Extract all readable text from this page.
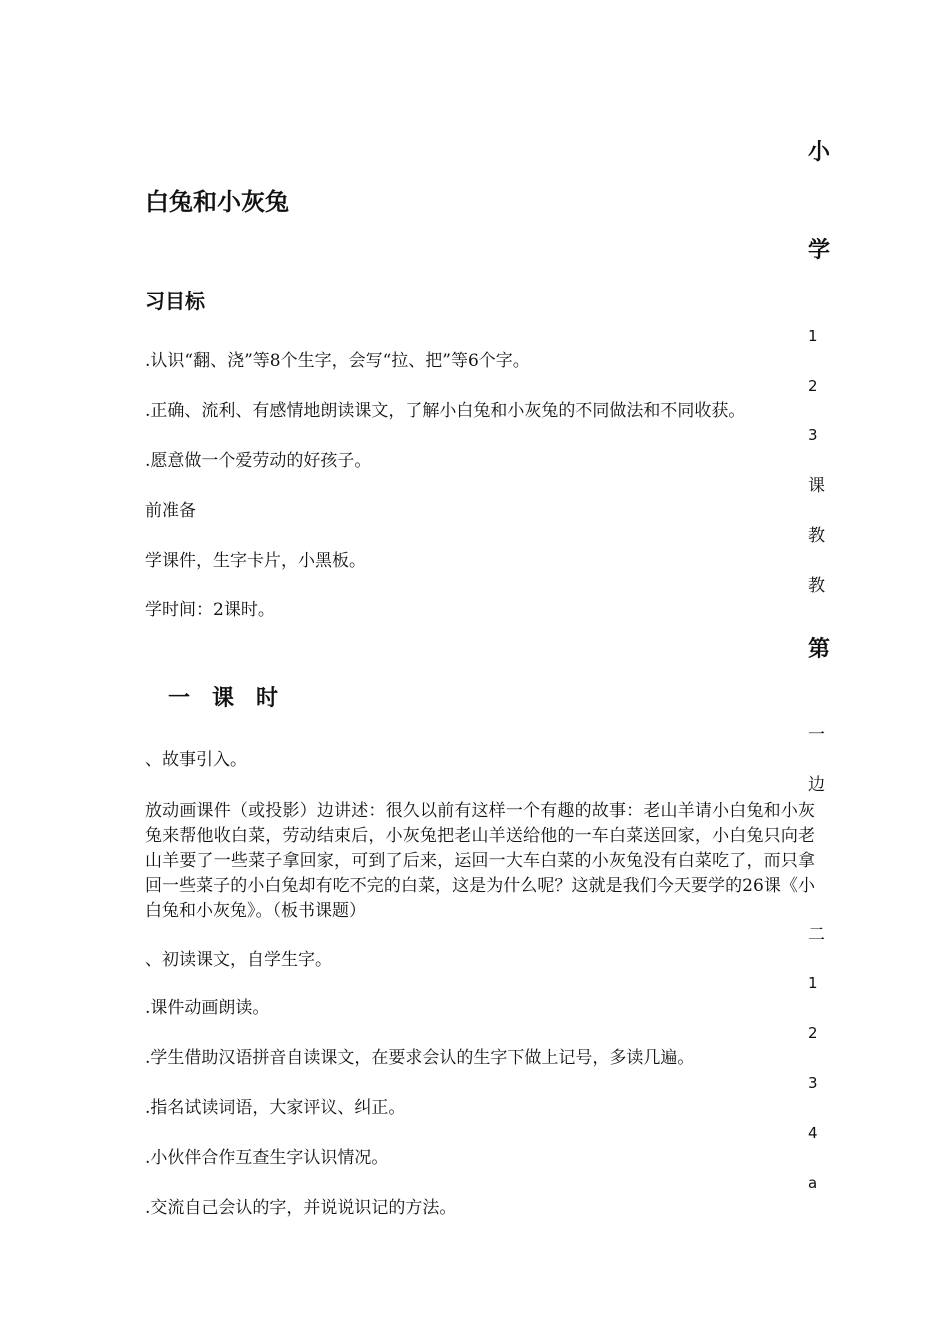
白兔和小灰兔
习目标
.认识“翻、浇”等8个生字，会写“拉、把”等6个字。
.正确、流利、有感情地朗读课文，了解小白兔和小灰兔的不同做法和不同收获。
.愿意做一个爱劳动的好孩子。
前准备
学课件，生字卡片，小黑板。
学时间：2课时。
一　课　时
、故事引入。
放动画课件（或投影）边讲述：很久以前有这样一个有趣的故事：老山羊请小白兔和小灰兔来帮他收白菜，劳动结束后，小灰兔把老山羊送给他的一车白菜送回家，小白兔只向老山羊要了一些菜子拿回家，可到了后来，运回一大车白菜的小灰兔没有白菜吃了，而只拿回一些菜子的小白兔却有吃不完的白菜，这是为什么呢？这就是我们今天要学的26课《小白兔和小灰兔》。（板书课题）
、初读课文，自学生字。
.课件动画朗读。
.学生借助汉语拼音自读课文，在要求会认的生字下做上记号，多读几遍。
.指名试读词语，大家评议、纠正。
.小伙伴合作互查生字认识情况。
.交流自己会认的字，并说说识记的方法。
小
学
1
2
3
课
教
教
第
一
边
二
1
2
3
4
a
